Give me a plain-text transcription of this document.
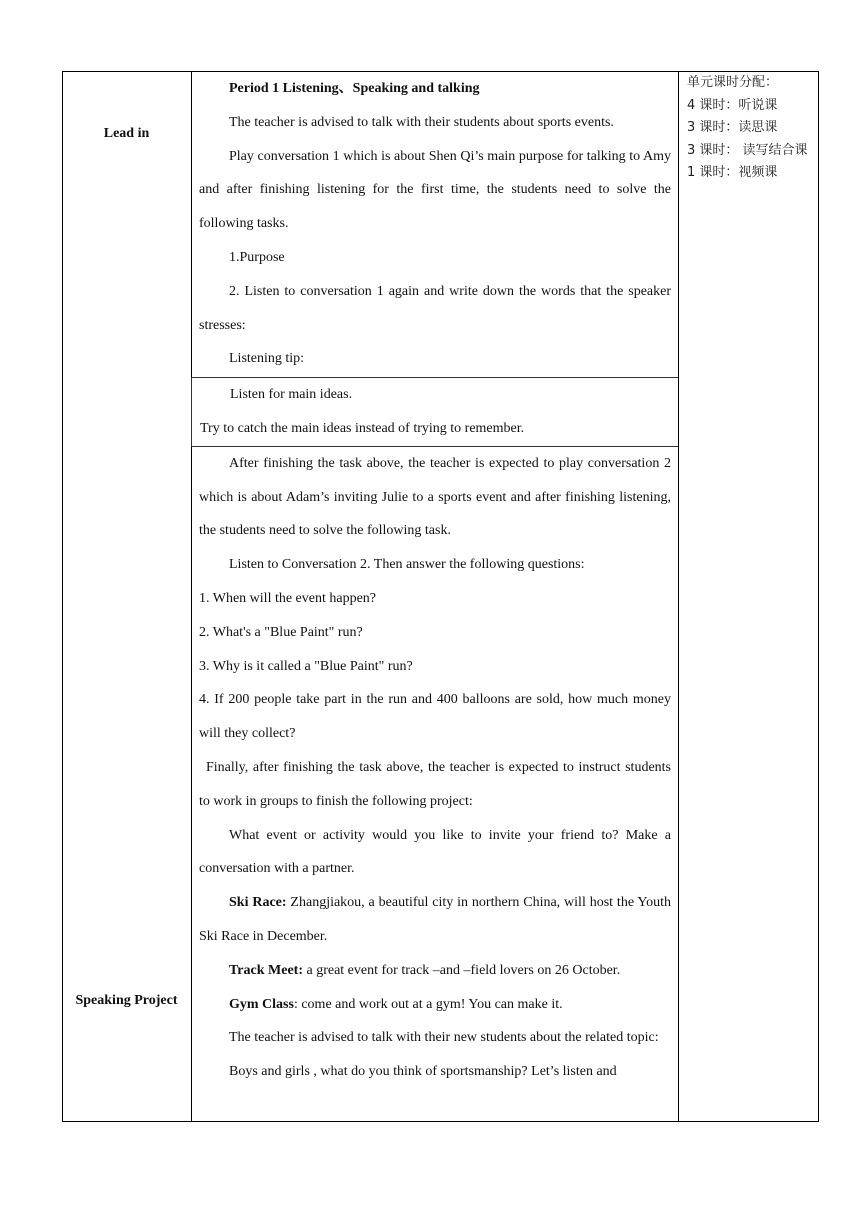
Lead in
Speaking Project

Period 1 Listening、Speaking and talking

The teacher is advised to talk with their students about sports events.

Play conversation 1 which is about Shen Qi’s main purpose for talking to Amy and after finishing listening for the first time, the students need to solve the following tasks.

1.Purpose

2. Listen to conversation 1 again and write down the words that the speaker stresses:

Listening tip:

Listen for main ideas.

Try to catch the main ideas instead of trying to remember.

After finishing the task above, the teacher is expected to play conversation 2 which is about Adam’s inviting Julie to a sports event and after finishing listening, the students need to solve the following task.

Listen to Conversation 2. Then answer the following questions:

1. When will the event happen?

2. What's a "Blue Paint" run?

3. Why is it called a "Blue Paint" run?

4. If 200 people take part in the run and 400 balloons are sold, how much money will they collect?

Finally, after finishing the task above, the teacher is expected to instruct students to work in groups to finish the following project:

What event or activity would you like to invite your friend to? Make a conversation with a partner.

Ski Race: Zhangjiakou, a beautiful city in northern China, will host the Youth Ski Race in December.

Track Meet: a great event for track –and –field lovers on 26 October.

Gym Class: come and work out at a gym! You can make it.

The teacher is advised to talk with their new students about the related topic:

Boys and girls , what do you think of sportsmanship? Let’s listen and

单元课时分配：
4 课时：听说课
3 课时：读思课
3 课时： 读写结合课
1 课时：视频课
